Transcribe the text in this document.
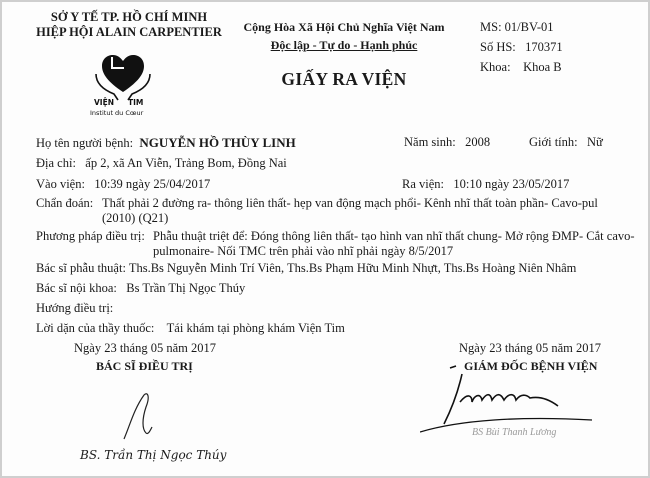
SỞ Y TẾ TP. HỒ CHÍ MINH
HIỆP HỘI ALAIN CARPENTIER
VIỆN TIM
Institut du Cœur
Cộng Hòa Xã Hội Chủ Nghĩa Việt Nam
Độc lập - Tự do - Hạnh phúc
GIẤY RA VIỆN
MS: 01/BV-01
Số HS: 170371
Khoa: Khoa B
Họ tên người bệnh: NGUYỄN HỒ THÙY LINH	Năm sinh: 2008	Giới tính: Nữ
Địa chỉ: ấp 2, xã An Viễn, Trảng Bom, Đồng Nai
Vào viện: 10:39 ngày 25/04/2017	Ra viện: 10:10 ngày 23/05/2017
Chẩn đoán: Thất phải 2 đường ra- thông liên thất- hẹp van động mạch phổi- Kênh nhĩ thất toàn phần- Cavo-pul
(2010) (Q21)
Phương pháp điều trị: Phẫu thuật triệt để: Đóng thông liên thất- tạo hình van nhĩ thất chung- Mở rộng ĐMP- Cắt cavo-
pulmonaire- Nối TMC trên phải vào nhĩ phải ngày 8/5/2017
Bác sĩ phẫu thuật: Ths.Bs Nguyễn Minh Trí Viên, Ths.Bs Phạm Hữu Minh Nhựt, Ths.Bs Hoàng Niên Nhâm
Bác sĩ nội khoa: Bs Trần Thị Ngọc Thúy
Hướng điều trị:
Lời dặn của thầy thuốc: Tái khám tại phòng khám Viện Tim
Ngày 23 tháng 05 năm 2017
BÁC SĨ ĐIỀU TRỊ
BS. Trần Thị Ngọc Thúy
Ngày 23 tháng 05 năm 2017
GIÁM ĐỐC BỆNH VIỆN
BS Bùi Thanh Lương
